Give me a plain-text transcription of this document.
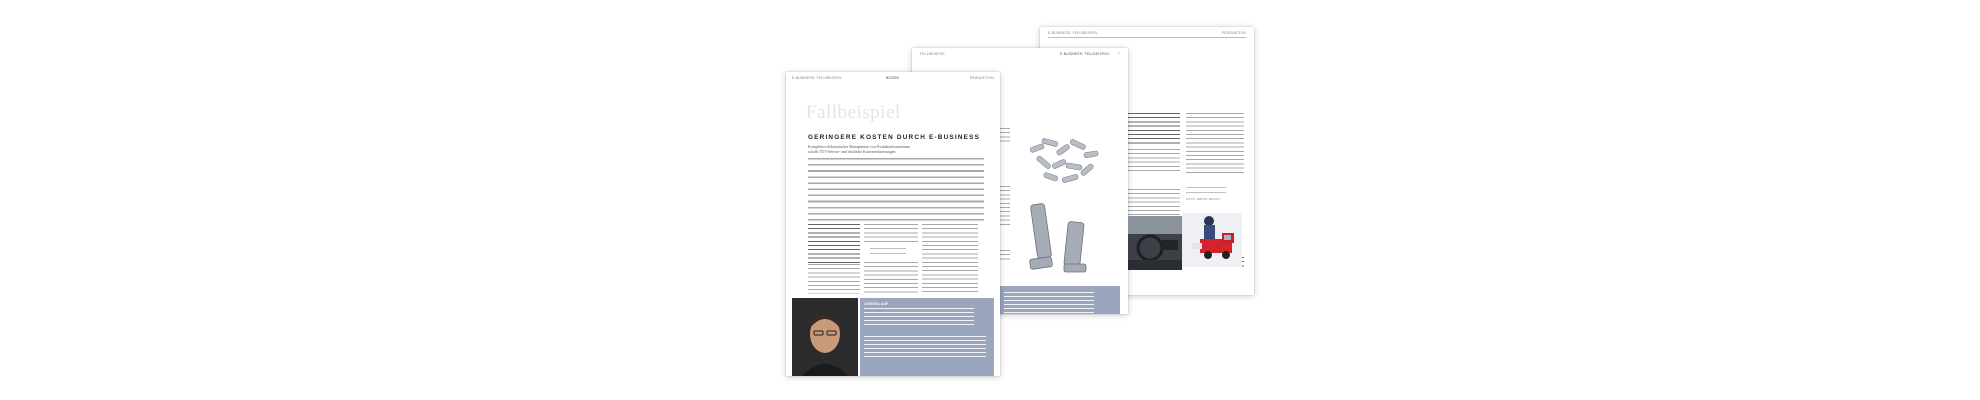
E-BUSINESS: FELLBEISPIEL	PRODUKTION
FOTO: ERNST DRATH
FELLBEISPIEL	E-BUSINESS: FELLBEISPIEL 7
E-BUSINESS: FELLBEISPIEL	BOGEN	PRODUKTION
Fallbeispiel
GERINGERE KOSTEN DURCH E-BUSINESS
Komplettes elektronisches Management von Produktinformationen
schafft TÜV-Service- und deutliche Kostenreduzierungen
LEBENSLAUF
